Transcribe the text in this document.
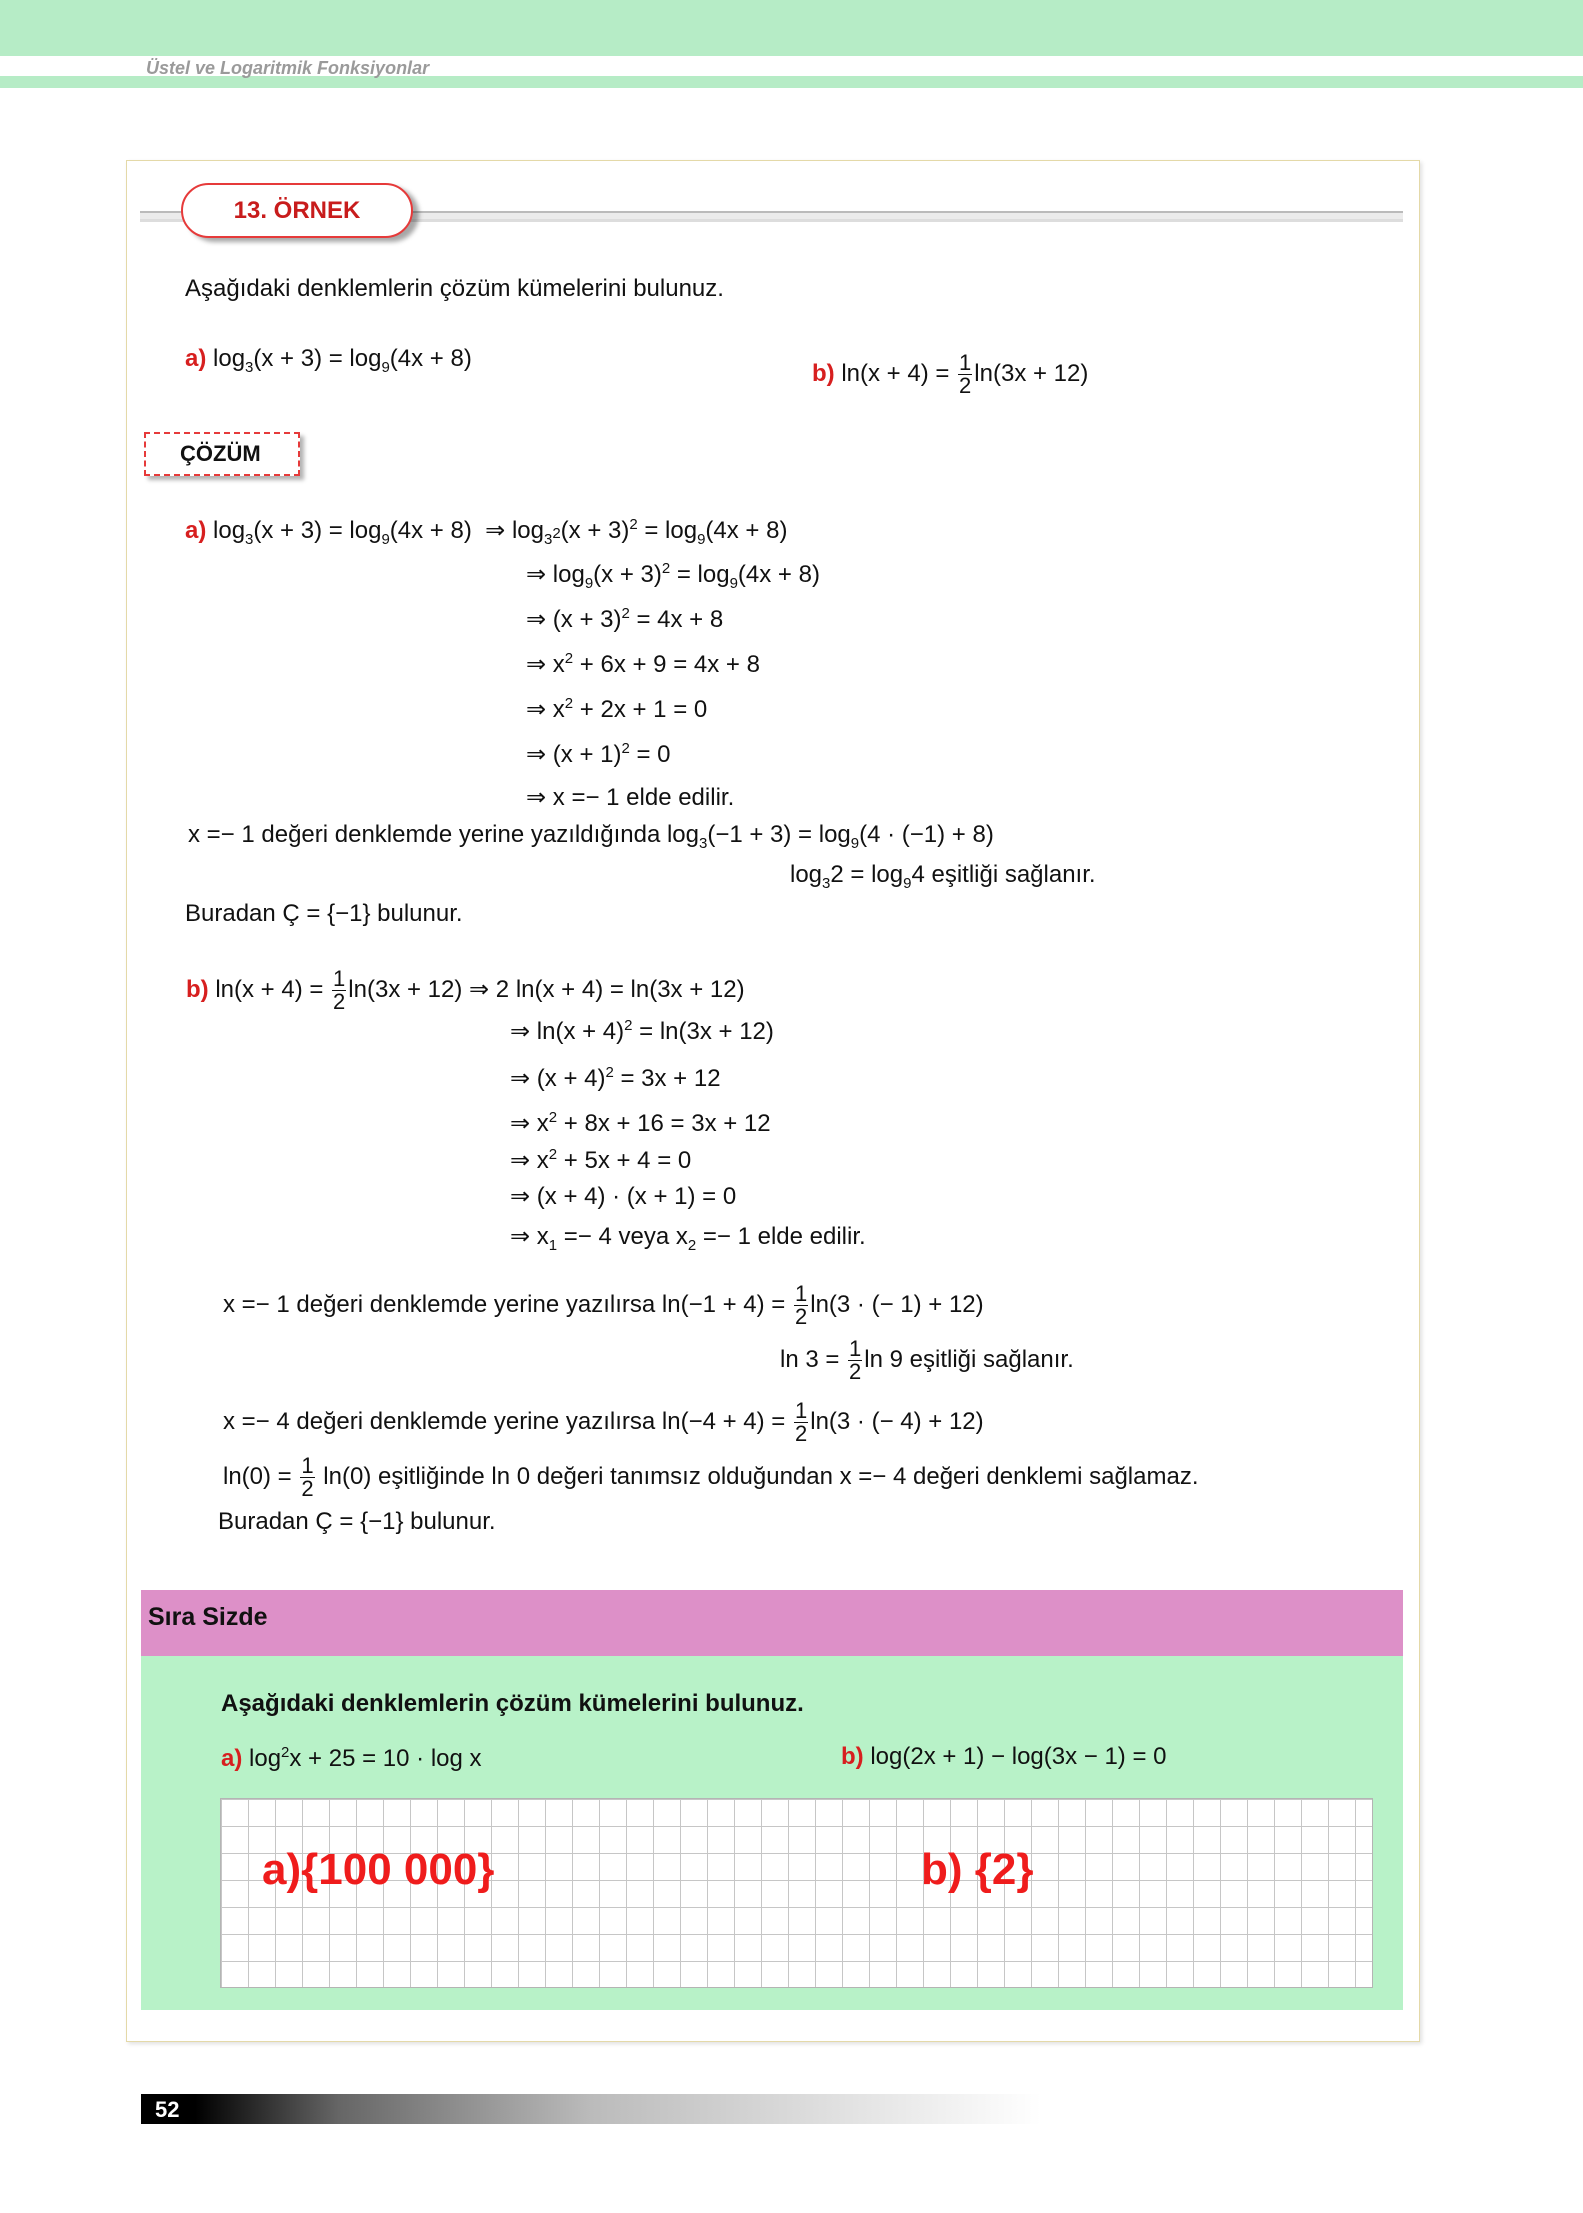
Üstel ve Logaritmik Fonksiyonlar
13. ÖRNEK
Aşağıdaki denklemlerin çözüm kümelerini bulunuz.
a) $\log_3(x + 3) = \log_9(4x + 8)$
b) $\ln(x + 4) = \frac{1}{2} \ln(3x + 12)$
ÇÖZÜM
a) $\log_3(x + 3) = \log_9(4x + 8)$  ⇒ $\log_{3^2}(x + 3)^2 = \log_9(4x + 8)$
⇒ $\log_9(x + 3)^2 = \log_9(4x + 8)$
⇒ $(x + 3)^2 = 4x + 8$
⇒ $x^2 + 6x + 9 = 4x + 8$
⇒ $x^2 + 2x + 1 = 0$
⇒ $(x + 1)^2 = 0$
⇒ x =− 1 elde edilir.
x =− 1 değeri denklemde yerine yazıldığında $\log_3(-1 + 3) = \log_9(4 \cdot (-1) + 8)$
$\log_32 = \log_94$ eşitliği sağlanır.
Buradan Ç = {−1} bulunur.
b) $\ln(x + 4) = \frac{1}{2} \ln(3x + 12)$ ⇒ 2 ln(x + 4) = ln(3x + 12)
⇒ $\ln(x + 4)^2 = \ln(3x + 12)$
⇒ $(x + 4)^2 = 3x + 12$
⇒ $x^2 + 8x + 16 = 3x + 12$
⇒ $x^2 + 5x + 4 = 0$
⇒ (x + 4) · (x + 1) = 0
⇒ $x_1 =- 4$ veya $x_2 =- 1$ elde edilir.
x =− 1 değeri denklemde yerine yazılırsa $\ln(-1 + 4) = \frac{1}{2} \ln(3$ · (− 1) + 12)
$\ln 3 = \frac{1}{2}$ ln 9 eşitliği sağlanır.
x =− 4 değeri denklemde yerine yazılırsa $\ln(-4 + 4) = \frac{1}{2} \ln(3$ · (− 4) + 12)
$\ln(0) = \frac{1}{2} \ln(0)$ eşitliğinde ln 0 değeri tanımsız olduğundan x =− 4 değeri denklemi sağlamaz.
Buradan Ç = {−1} bulunur.
Sıra Sizde
Aşağıdaki denklemlerin çözüm kümelerini bulunuz.
a) $\log^2x + 25 = 10 \cdot \log x$	b) log(2x + 1) − log(3x − 1) = 0
a){100 000}	b) {2}
52
